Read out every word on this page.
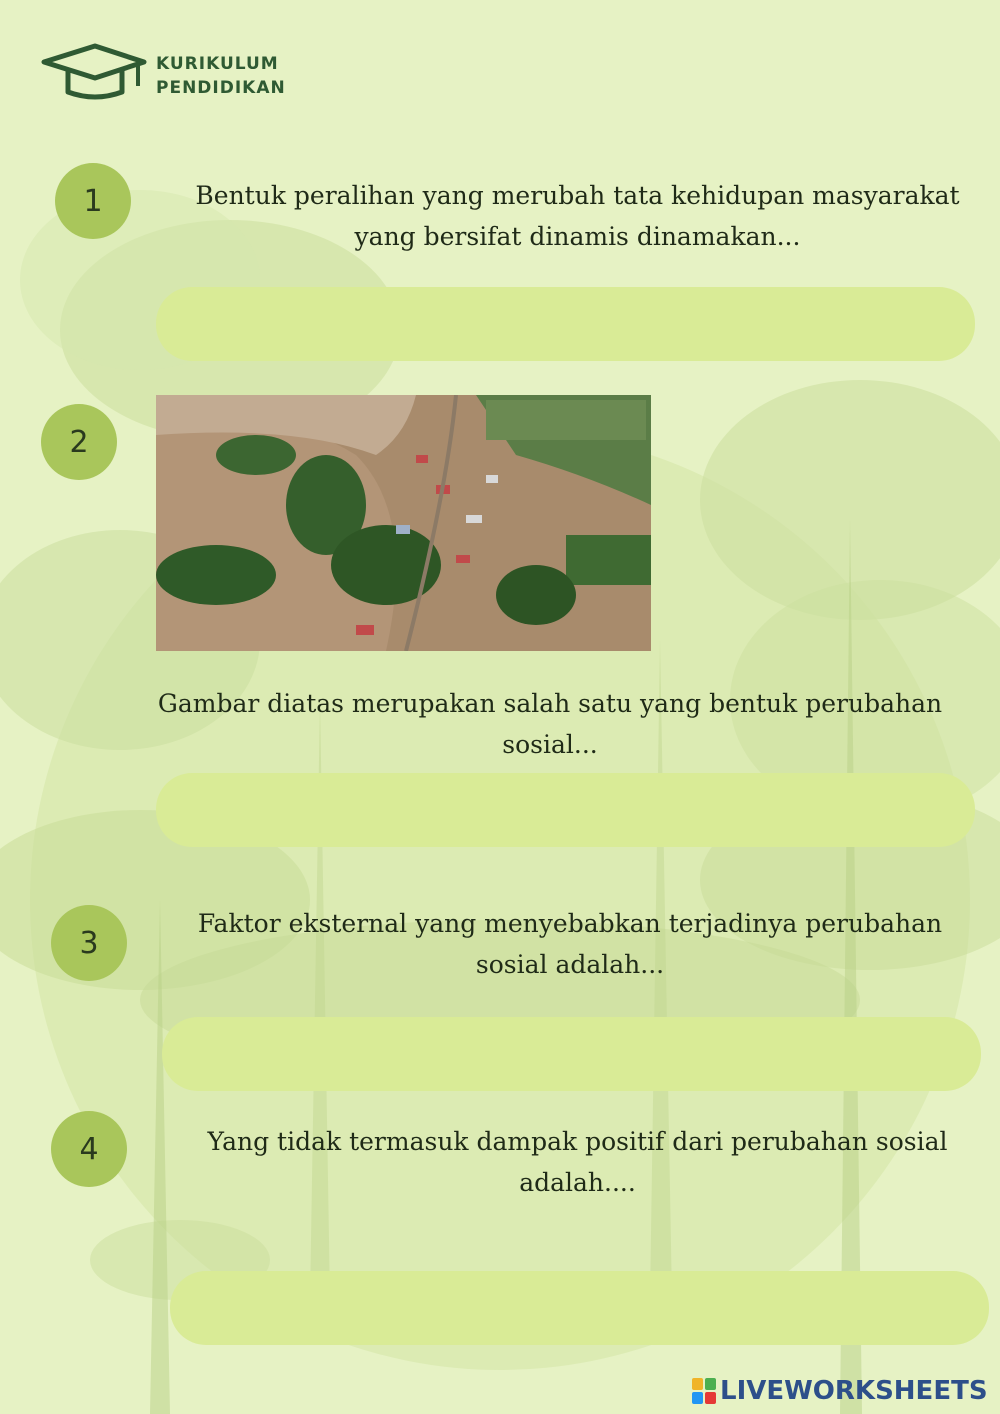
KURIKULUM
PENDIDIKAN
1	Bentuk peralihan yang merubah tata kehidupan masyarakat yang bersifat dinamis dinamakan...
2
Gambar diatas merupakan salah satu yang bentuk perubahan sosial...
3
Faktor eksternal yang menyebabkan terjadinya perubahan sosial adalah...
4	Yang tidak termasuk dampak positif dari perubahan sosial adalah....
LIVEWORKSHEETS
